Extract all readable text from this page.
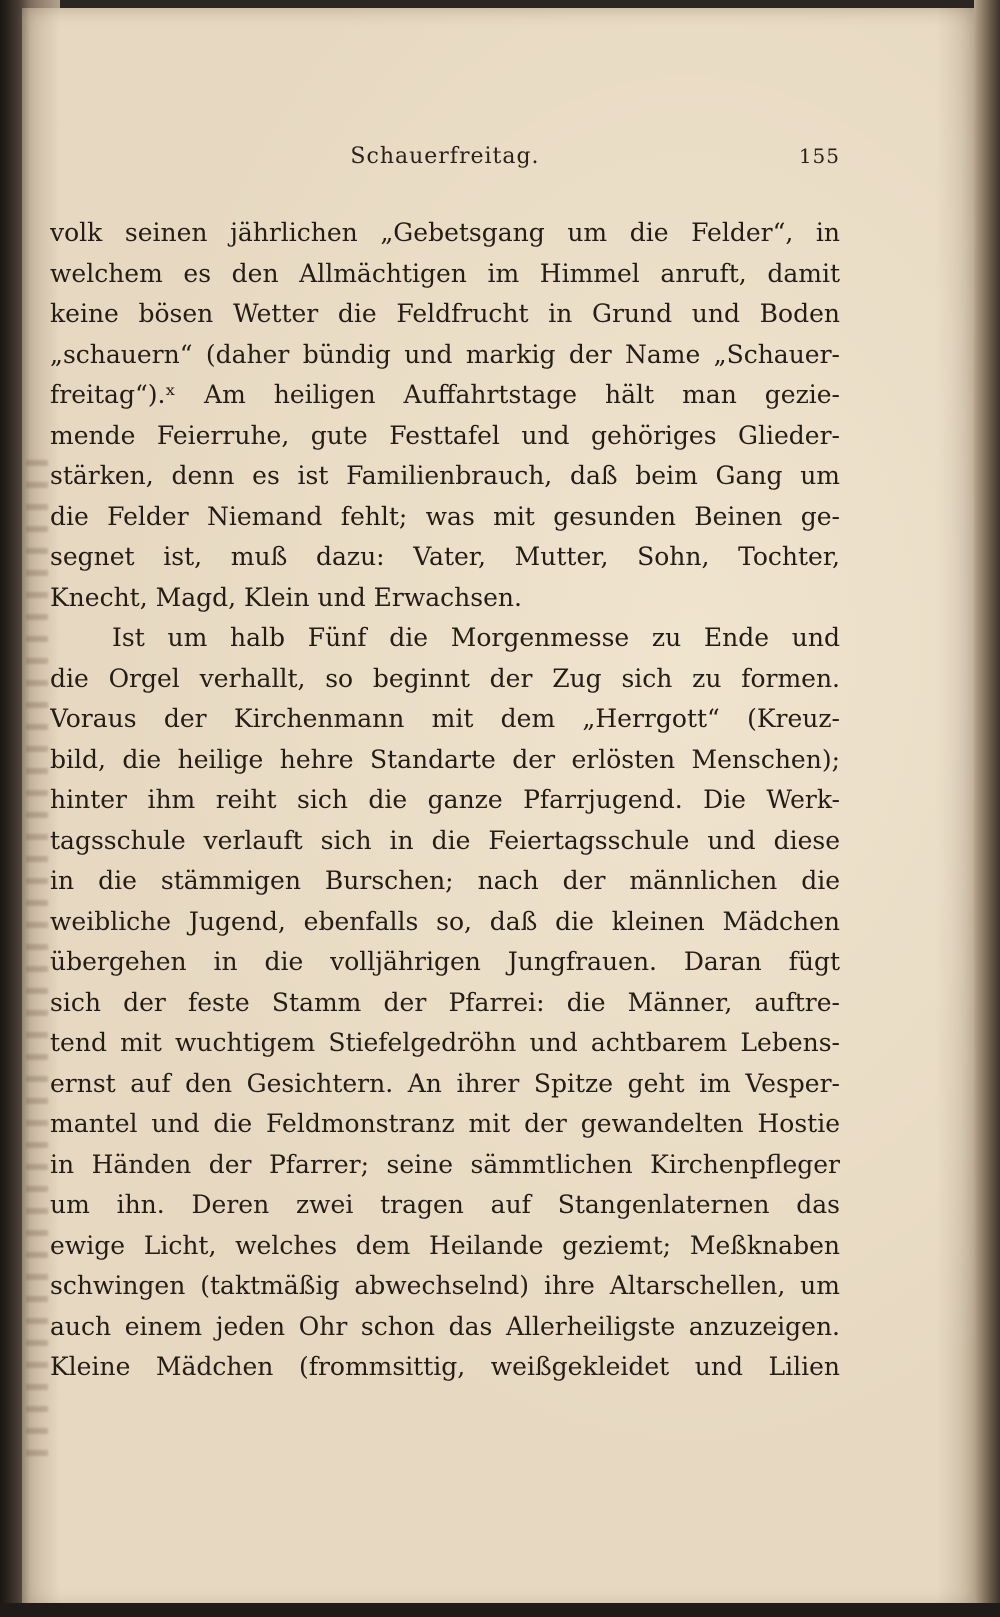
Schauerfreitag.	155
volk seinen jährlichen „Gebetsgang um die Felder“, in
welchem es den Allmächtigen im Himmel anruft, damit
keine bösen Wetter die Feldfrucht in Grund und Boden
„schauern“ (daher bündig und markig der Name „Schauer-
freitag“).ˣ Am heiligen Auffahrtstage hält man gezie-
mende Feierruhe, gute Festtafel und gehöriges Glieder-
stärken, denn es ist Familienbrauch, daß beim Gang um
die Felder Niemand fehlt; was mit gesunden Beinen ge-
segnet ist, muß dazu: Vater, Mutter, Sohn, Tochter,
Knecht, Magd, Klein und Erwachsen.
Ist um halb Fünf die Morgenmesse zu Ende und
die Orgel verhallt, so beginnt der Zug sich zu formen.
Voraus der Kirchenmann mit dem „Herrgott“ (Kreuz-
bild, die heilige hehre Standarte der erlösten Menschen);
hinter ihm reiht sich die ganze Pfarrjugend. Die Werk-
tagsschule verlauft sich in die Feiertagsschule und diese
in die stämmigen Burschen; nach der männlichen die
weibliche Jugend, ebenfalls so, daß die kleinen Mädchen
übergehen in die volljährigen Jungfrauen. Daran fügt
sich der feste Stamm der Pfarrei: die Männer, auftre-
tend mit wuchtigem Stiefelgedröhn und achtbarem Lebens-
ernst auf den Gesichtern. An ihrer Spitze geht im Vesper-
mantel und die Feldmonstranz mit der gewandelten Hostie
in Händen der Pfarrer; seine sämmtlichen Kirchenpfleger
um ihn. Deren zwei tragen auf Stangenlaternen das
ewige Licht, welches dem Heilande geziemt; Meßknaben
schwingen (taktmäßig abwechselnd) ihre Altarschellen, um
auch einem jeden Ohr schon das Allerheiligste anzuzeigen.
Kleine Mädchen (frommsittig, weißgekleidet und Lilien
